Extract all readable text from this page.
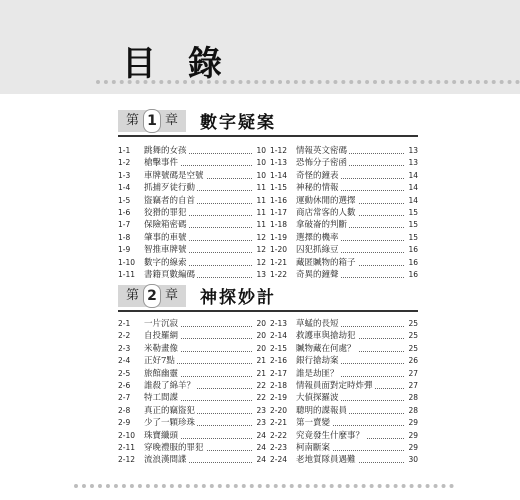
目 錄
第 1 章 數字疑案
1-1	跳舞的女孩	10
1-2	槍擊事件	10
1-3	車牌號碼是空號	10
1-4	抓捕歹徒行動	11
1-5	盜竊者的自首	11
1-6	狡猾的罪犯	11
1-7	保險箱密碼	11
1-8	肇事的車號	12
1-9	智推車牌號	12
1-10	數字的線索	12
1-11	書籍頁數編碼	13
1-12	情報英文密碼	13
1-13	恐怖分子密函	13
1-14	奇怪的鐘表	14
1-15	神秘的情報	14
1-16	運動休閒的選擇	14
1-17	商店常客的人數	15
1-18	拿破崙的判斷	15
1-19	選擇的機率	15
1-20	囚犯抓綠豆	16
1-21	藏匿贓物的箱子	16
1-22	奇異的鐘聲	16
第 2 章 神探妙計
2-1	一片沉寂	20
2-2	自投羅網	20
2-3	米勒畫像	20
2-4	正好7點	21
2-5	旅館幽靈	21
2-6	誰殺了綿羊？	22
2-7	特工間諜	22
2-8	真正的竊盜犯	23
2-9	少了一顆珍珠	23
2-10	珠寶纖頭	24
2-11	穿晚禮服的罪犯	24
2-12	流浪漢間諜	24
2-13	草蜢的長短	25
2-14	救護車與搶劫犯	25
2-15	贓物藏在何處？	25
2-16	銀行搶劫案	26
2-17	誰是劫匪？	27
2-18	情報員面對定時炸彈	27
2-19	大偵探羅波	28
2-20	聰明的諜報員	28
2-21	第一賣變	29
2-22	究竟發生什麼事？	29
2-23	柯南斷案	29
2-24	老地質隊員遇難	30
